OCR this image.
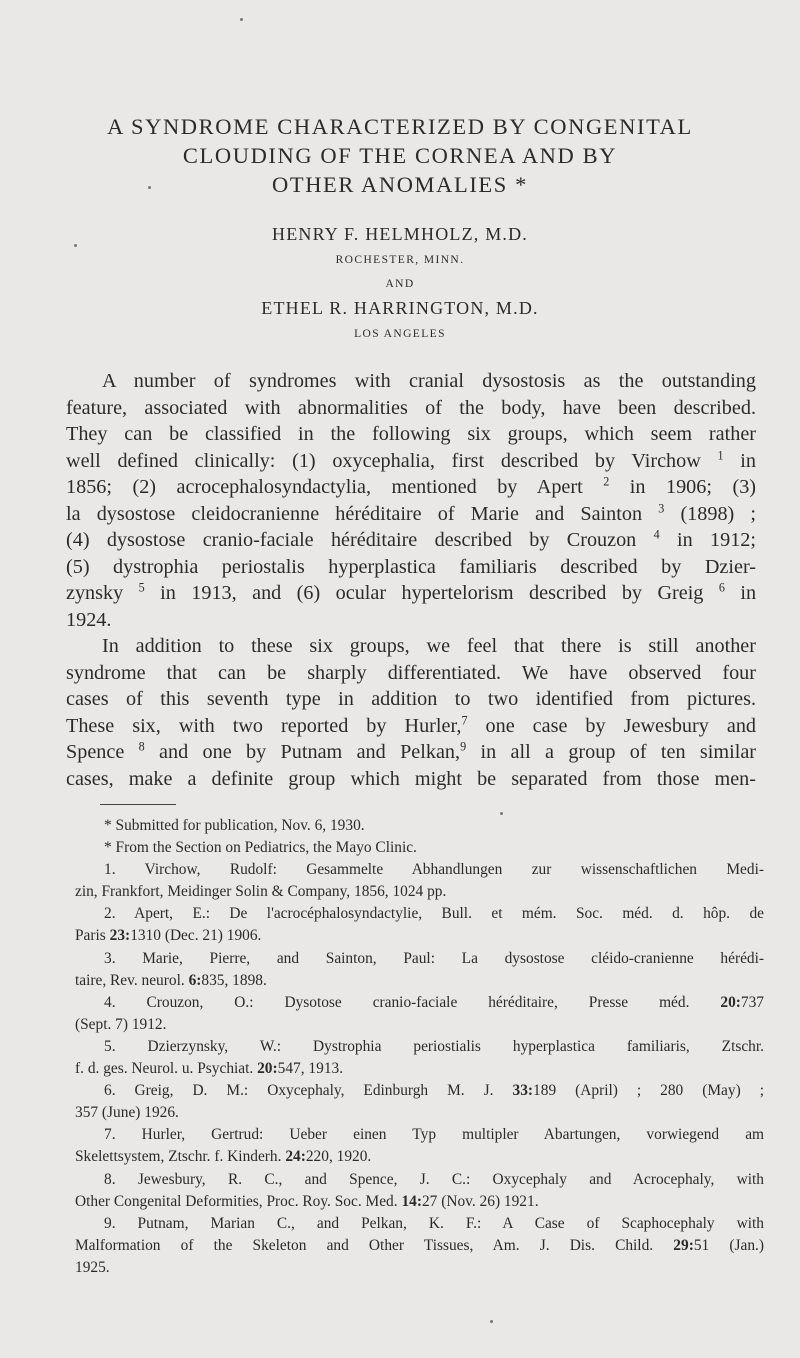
A SYNDROME CHARACTERIZED BY CONGENITAL
CLOUDING OF THE CORNEA AND BY
OTHER ANOMALIES *
HENRY F. HELMHOLZ, M.D.
ROCHESTER, MINN.
AND
ETHEL R. HARRINGTON, M.D.
LOS ANGELES

A number of syndromes with cranial dysostosis as the outstanding
feature, associated with abnormalities of the body, have been described.
They can be classified in the following six groups, which seem rather
well defined clinically: (1) oxycephalia, first described by Virchow $^1$ in
1856; (2) acrocephalosyndactylia, mentioned by Apert $^2$ in 1906; (3)
la dysostose cleidocranienne héréditaire of Marie and Sainton $^3$ (1898) ;
(4) dysostose cranio-faciale héréditaire described by Crouzon $^4$ in 1912;
(5) dystrophia periostalis hyperplastica familiaris described by Dzier-
zynsky $^5$ in 1913, and (6) ocular hypertelorism described by Greig $^6$ in
1924.

In addition to these six groups, we feel that there is still another
syndrome that can be sharply differentiated. We have observed four
cases of this seventh type in addition to two identified from pictures.
These six, with two reported by Hurler,$^7$ one case by Jewesbury and
Spence $^8$ and one by Putnam and Pelkan,$^9$ in all a group of ten similar
cases, make a definite group which might be separated from those men-

* Submitted for publication, Nov. 6, 1930.
* From the Section on Pediatrics, the Mayo Clinic.
1. Virchow, Rudolf: Gesammelte Abhandlungen zur wissenschaftlichen Medi-
zin, Frankfort, Meidinger Solin & Company, 1856, 1024 pp.
2. Apert, E.: De l'acrocéphalosyndactylie, Bull. et mém. Soc. méd. d. hôp. de
Paris 23:1310 (Dec. 21) 1906.
3. Marie, Pierre, and Sainton, Paul: La dysostose cléido-cranienne hérédi-
taire, Rev. neurol. 6:835, 1898.
4. Crouzon, O.: Dysotose cranio-faciale héréditaire, Presse méd. 20:737
(Sept. 7) 1912.
5. Dzierzynsky, W.: Dystrophia periostialis hyperplastica familiaris, Ztschr.
f. d. ges. Neurol. u. Psychiat. 20:547, 1913.
6. Greig, D. M.: Oxycephaly, Edinburgh M. J. 33:189 (April) ; 280 (May) ;
357 (June) 1926.
7. Hurler, Gertrud: Ueber einen Typ multipler Abartungen, vorwiegend am
Skelettsystem, Ztschr. f. Kinderh. 24:220, 1920.
8. Jewesbury, R. C., and Spence, J. C.: Oxycephaly and Acrocephaly, with
Other Congenital Deformities, Proc. Roy. Soc. Med. 14:27 (Nov. 26) 1921.
9. Putnam, Marian C., and Pelkan, K. F.: A Case of Scaphocephaly with
Malformation of the Skeleton and Other Tissues, Am. J. Dis. Child. 29:51 (Jan.)
1925.
